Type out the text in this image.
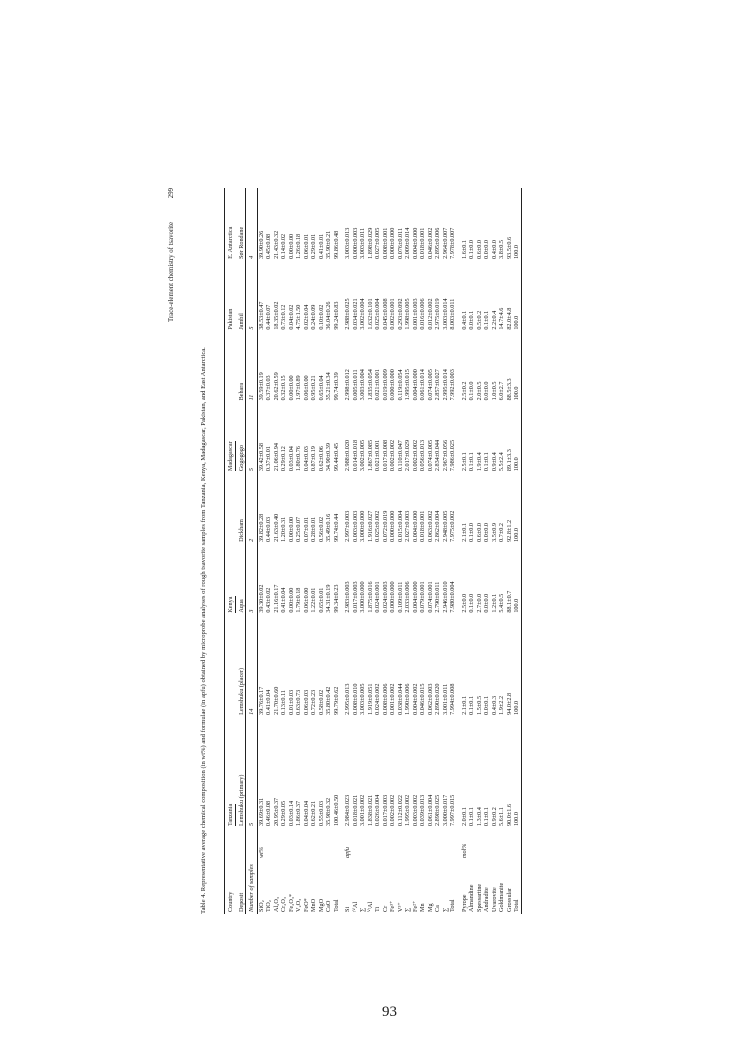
93
Trace-element chemistry of tsavorite
299
Table 4. Representative average chemical composition (in wt%) and formulae (in apfu) obtained by microprobe analyses of rough tsavorite samples from Tanzania, Kenya, Madagascar, Pakistan, and East Antarctica.	Country		Tanzania		Kenya		Madagascar		Pakistan	E. Antarctica
Deposit		Lemshuku (primary)	Lemshuku (placer)	Aqua	Dickham	Gogogogo	Behara	Jambil	Sør Rondane
Number of samples		5	14	3	2	5	11	5	4
SiO₂	wt%	39.69±0.31	39.76±0.17	39.30±0.02	39.82±0.28	39.42±0.58	39.59±0.19	38.53±0.47	39.90±0.26
TiO₂		0.46±0.08	0.41±0.04	0.43±0.02	0.44±0.03	0.37±0.01	0.37±0.03	0.44±0.07	0.45±0.08
Al₂O₃		20.95±0.37	21.70±0.60	21.16±0.17	21.63±0.40	21.06±0.94	20.62±0.59	18.35±0.02	21.43±0.32
Cr₂O₃		0.29±0.05	0.13±0.11	0.41±0.04	1.20±0.31	0.29±0.12	0.32±0.15	0.73±0.12	0.14±0.02
Fe₂O₃*		0.03±0.14	0.01±0.03	0.00±0.00	0.00±0.00	0.03±0.04	0.00±0.00	0.04±0.02	0.00±0.00
V₂O₃		1.86±0.37	0.63±0.73	1.79±0.18	0.25±0.07	1.80±0.76	1.97±0.89	4.75±1.50	1.26±0.18
FeO*		0.04±0.04	0.06±0.03	0.06±0.00	0.07±0.01	0.04±0.03	0.06±0.00	0.02±0.04	0.06±0.01
MnO		0.62±0.21	0.72±0.23	1.22±0.01	0.28±0.01	0.87±0.19	0.95±0.21	0.24±0.09	0.29±0.01
MgO		0.55±0.03	0.58±0.02	0.65±0.01	0.56±0.02	0.62±0.06	0.65±0.04	0.10±0.02	0.41±0.01
CaO		35.98±0.32	35.80±0.42	34.31±0.19	35.49±0.16	34.90±0.39	35.21±0.34	36.04±0.26	35.90±0.21
Total		100.46±0.50	99.79±0.62	99.34±0.23	99.74±0.44	99.44±0.45	99.74±0.39	99.24±0.83	99.86±0.48
Si	apfu	2.984±0.023	2.995±0.013	2.983±0.003	2.997±0.003	2.988±0.020	2.998±0.012	2.988±0.025	3.003±0.013
ᴵⱽAl		0.018±0.021	0.008±0.010	0.017±0.003	0.003±0.003	0.014±0.018	0.005±0.011	0.034±0.021	0.000±0.003
∑		3.001±0.002	3.003±0.005	3.000±0.000	3.000±0.000	3.002±0.005	3.003±0.004	3.002±0.004	3.003±0.011
ⱽᴵAl		1.838±0.021	1.919±0.051	1.875±0.016	1.916±0.027	1.867±0.085	1.835±0.054	1.632±0.101	1.898±0.029
Ti		0.026±0.004	0.024±0.002	0.024±0.001	0.025±0.002	0.021±0.001	0.021±0.001	0.025±0.004	0.027±0.005
Cr		0.017±0.003	0.008±0.006	0.024±0.003	0.072±0.019	0.017±0.008	0.019±0.009	0.045±0.008	0.008±0.001
Fe³⁺		0.002±0.002	0.001±0.002	0.000±0.000	0.000±0.000	0.002±0.002	0.000±0.000	0.002±0.001	0.000±0.000
V³⁺		0.112±0.022	0.038±0.044	0.109±0.011	0.015±0.004	0.110±0.047	0.119±0.054	0.293±0.092	0.076±0.011
∑		1.995±0.002	1.990±0.006	2.033±0.006	2.027±0.003	2.017±0.029	1.995±0.015	1.998±0.005	2.009±0.014
Fe²⁺		0.003±0.002	0.004±0.002	0.004±0.000	0.004±0.000	0.002±0.002	0.004±0.000	0.001±0.003	0.004±0.000
Mn		0.039±0.013	0.046±0.015	0.079±0.001	0.018±0.001	0.056±0.013	0.061±0.014	0.016±0.006	0.018±0.001
Mg		0.061±0.004	0.062±0.003	0.074±0.001	0.063±0.002	0.074±0.005	0.074±0.005	0.012±0.002	0.046±0.002
Ca		2.898±0.025	2.890±0.020	2.790±0.011	2.862±0.004	2.834±0.044	2.857±0.027	2.975±0.019	2.895±0.006
∑		3.000±0.017	3.001±0.011	2.946±0.010	2.948±0.005	2.967±0.056	2.995±0.014	3.003±0.014	2.964±0.007
Total		7.997±0.015	7.994±0.008	7.980±0.004	7.975±0.002	7.986±0.025	7.992±0.003	8.003±0.011	7.978±0.007
Pyrope	mol%	2.0±0.1	2.1±0.1	2.5±0.0	2.1±0.1	2.5±0.1	2.5±0.2	0.4±0.1	1.6±0.1
Almandine		0.1±0.1	0.1±0.1	0.1±0.0	0.1±0.0	0.1±0.1	0.1±0.0	0.0±0.1	0.1±0.0
Spessartine		1.3±0.4	1.5±0.5	2.7±0.0	0.6±0.0	1.9±0.4	2.0±0.5	0.5±0.2	0.6±0.0
Andradite		0.1±0.1	0.0±0.1	0.0±0.0	0.0±0.0	0.1±0.1	0.0±0.0	0.1±0.1	0.0±0.0
Uvarovite		0.9±0.2	0.4±0.3	1.2±0.1	3.5±0.9	0.9±0.4	1.0±0.5	2.2±0.4	0.4±0.0
Goldmanite		5.6±1.1	1.9±2.2	5.4±0.5	0.7±0.2	5.5±2.4	6.0±2.7	14.7±4.6	3.8±0.5
Grossular		90.0±1.6	94.0±2.8	88.1±0.7	92.8±1.2	89.1±3.3	88.5±3.3	82.0±4.8	93.5±0.6
Total		100.0	100.0	100.0	100.0	100.0	100.0	100.0	100.0
